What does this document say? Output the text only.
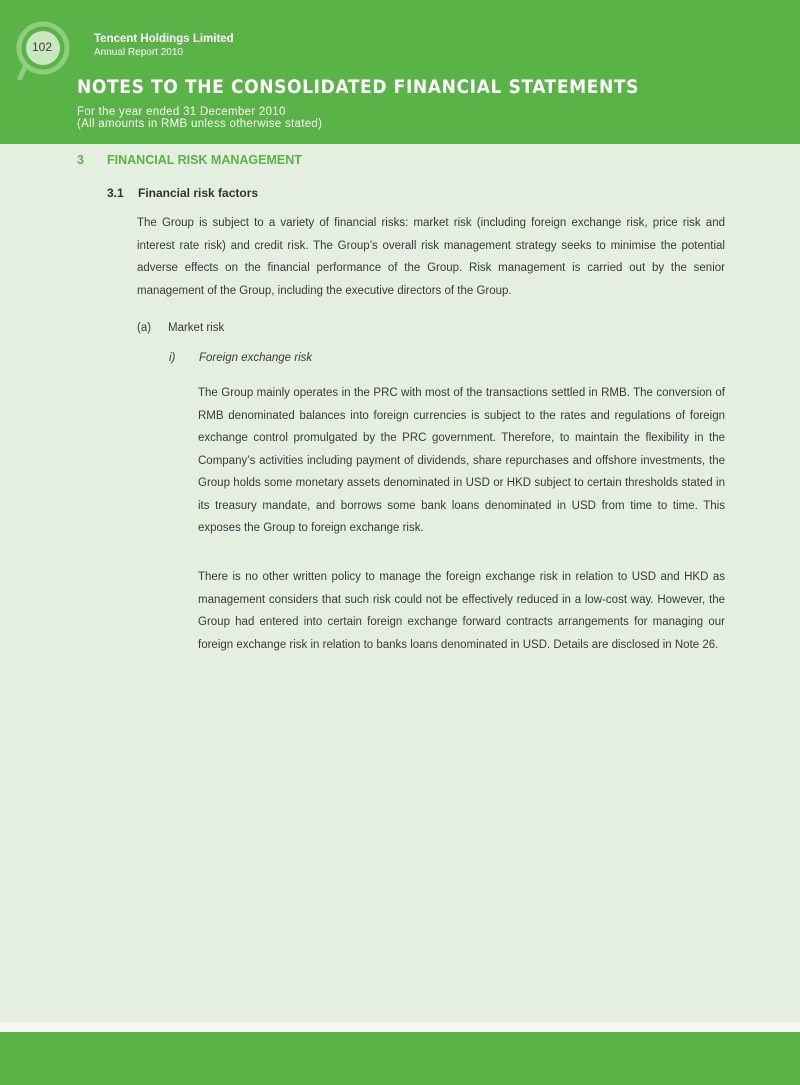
102
Tencent Holdings Limited
Annual Report 2010
NOTES TO THE CONSOLIDATED FINANCIAL STATEMENTS
For the year ended 31 December 2010
(All amounts in RMB unless otherwise stated)
3 FINANCIAL RISK MANAGEMENT
3.1 Financial risk factors

The Group is subject to a variety of financial risks: market risk (including foreign exchange risk, price risk and interest rate risk) and credit risk. The Group’s overall risk management strategy seeks to minimise the potential adverse effects on the financial performance of the Group. Risk management is carried out by the senior management of the Group, including the executive directors of the Group.

(a) Market risk
i) Foreign exchange risk

The Group mainly operates in the PRC with most of the transactions settled in RMB. The conversion of RMB denominated balances into foreign currencies is subject to the rates and regulations of foreign exchange control promulgated by the PRC government. Therefore, to maintain the flexibility in the Company’s activities including payment of dividends, share repurchases and offshore investments, the Group holds some monetary assets denominated in USD or HKD subject to certain thresholds stated in its treasury mandate, and borrows some bank loans denominated in USD from time to time. This exposes the Group to foreign exchange risk.

There is no other written policy to manage the foreign exchange risk in relation to USD and HKD as management considers that such risk could not be effectively reduced in a low-cost way. However, the Group had entered into certain foreign exchange forward contracts arrangements for managing our foreign exchange risk in relation to banks loans denominated in USD. Details are disclosed in Note 26.
